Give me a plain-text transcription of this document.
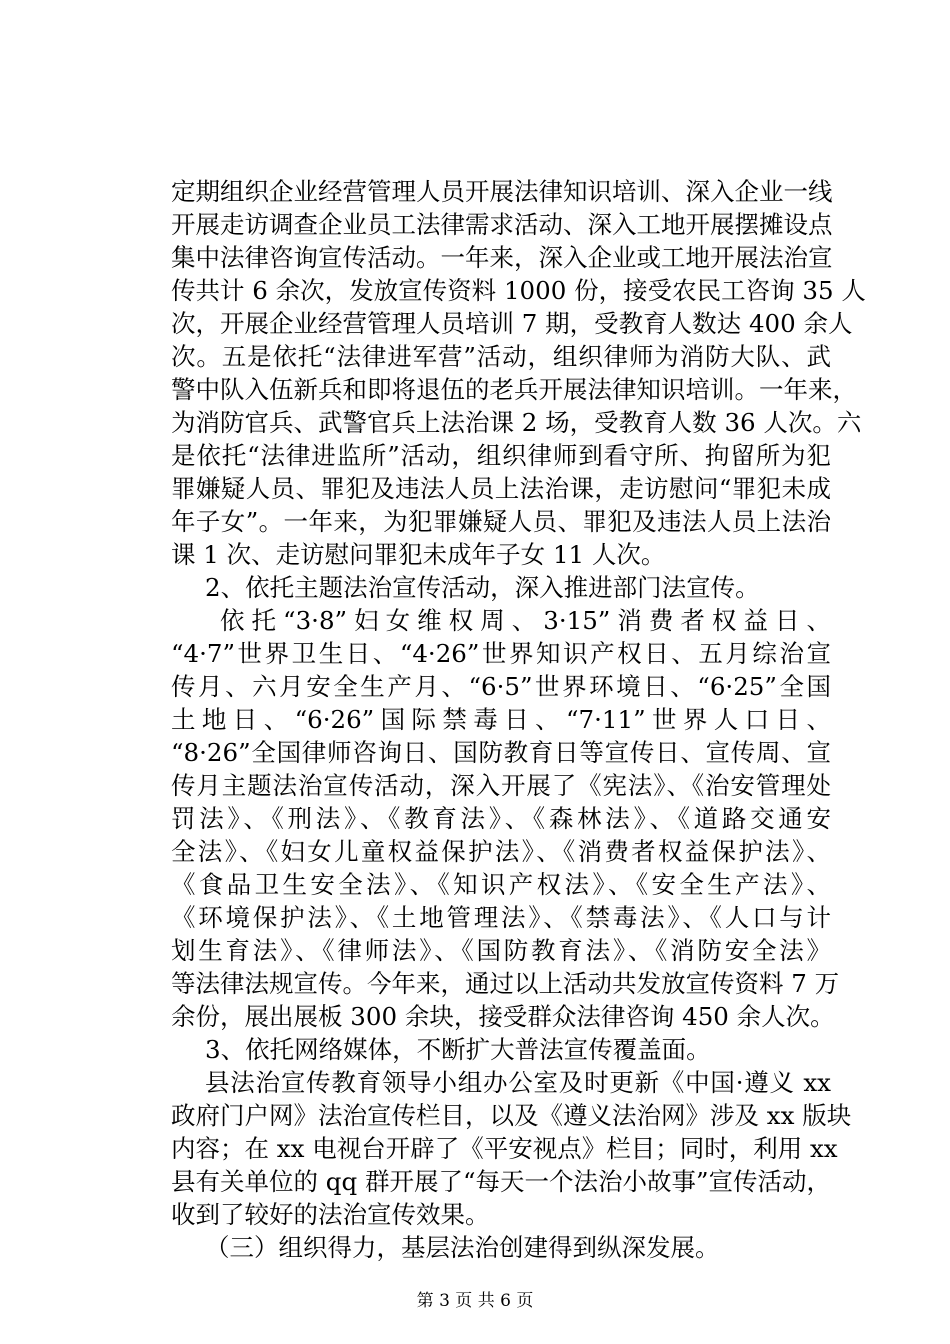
定期组织企业经营管理人员开展法律知识培训、深入企业一线
开展走访调查企业员工法律需求活动、深入工地开展摆摊设点
集中法律咨询宣传活动。一年来，深入企业或工地开展法治宣
传共计 6 余次，发放宣传资料 1000 份，接受农民工咨询 35 人
次，开展企业经营管理人员培训 7 期，受教育人数达 400 余人
次。五是依托“法律进军营”活动，组织律师为消防大队、武
警中队入伍新兵和即将退伍的老兵开展法律知识培训。一年来，
为消防官兵、武警官兵上法治课 2 场，受教育人数 36 人次。六
是依托“法律进监所”活动，组织律师到看守所、拘留所为犯
罪嫌疑人员、罪犯及违法人员上法治课，走访慰问“罪犯未成
年子女”。一年来，为犯罪嫌疑人员、罪犯及违法人员上法治
课 1 次、走访慰问罪犯未成年子女 11 人次。
2、依托主题法治宣传活动，深入推进部门法宣传。
依托“3·8”妇女维权周、3·15”消费者权益日、
“4·7”世界卫生日、“4·26”世界知识产权日、五月综治宣
传月、六月安全生产月、“6·5”世界环境日、“6·25”全国
土地日、“6·26”国际禁毒日、“7·11”世界人口日、
“8·26”全国律师咨询日、国防教育日等宣传日、宣传周、宣
传月主题法治宣传活动，深入开展了《宪法》、《治安管理处
罚法》、《刑法》、《教育法》、《森林法》、《道路交通安
全法》、《妇女儿童权益保护法》、《消费者权益保护法》、
《食品卫生安全法》、《知识产权法》、《安全生产法》、
《环境保护法》、《土地管理法》、《禁毒法》、《人口与计
划生育法》、《律师法》、《国防教育法》、《消防安全法》
等法律法规宣传。今年来，通过以上活动共发放宣传资料 7 万
余份，展出展板 300 余块，接受群众法律咨询 450 余人次。
3、依托网络媒体，不断扩大普法宣传覆盖面。
县法治宣传教育领导小组办公室及时更新《中国·遵义 xx
政府门户网》法治宣传栏目，以及《遵义法治网》涉及 xx 版块
内容；在 xx 电视台开辟了《平安视点》栏目；同时，利用 xx
县有关单位的 qq 群开展了“每天一个法治小故事”宣传活动，
收到了较好的法治宣传效果。
（三）组织得力，基层法治创建得到纵深发展。
第 3 页 共 6 页
